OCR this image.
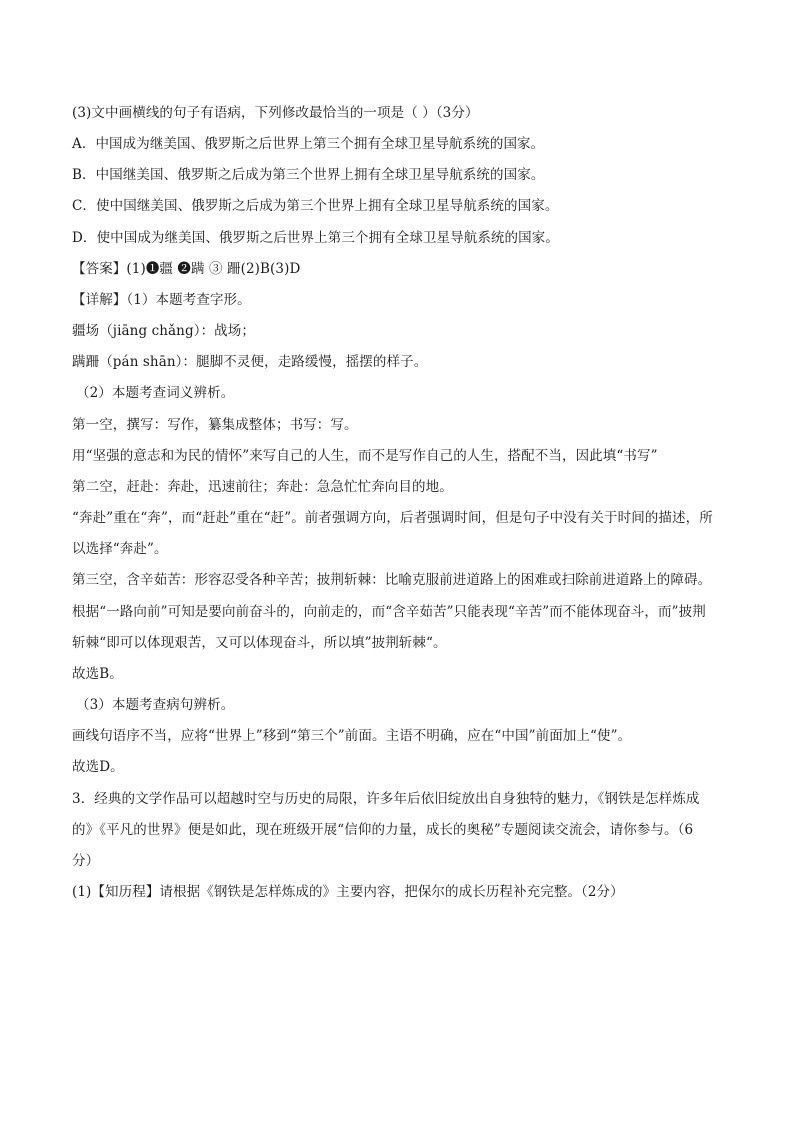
(3)文中画横线的句子有语病，下列修改最恰当的一项是（ ）（3分）
A．中国成为继美国、俄罗斯之后世界上第三个拥有全球卫星导航系统的国家。
B．中国继美国、俄罗斯之后成为第三个世界上拥有全球卫星导航系统的国家。
C．使中国继美国、俄罗斯之后成为第三个世界上拥有全球卫星导航系统的国家。
D．使中国成为继美国、俄罗斯之后世界上第三个拥有全球卫星导航系统的国家。
【答案】(1)❶疆 ❷蹒 ③ 跚(2)B(3)D
【详解】（1）本题考查字形。
疆场（jiāng chǎng）：战场；
蹒跚（pán shān）：腿脚不灵便，走路缓慢，摇摆的样子。
（2）本题考查词义辨析。
第一空，撰写：写作，纂集成整体；书写：写。
用“坚强的意志和为民的情怀”来写自己的人生，而不是写作自己的人生，搭配不当，因此填“书写”
第二空，赶赴：奔赴，迅速前往；奔赴：急急忙忙奔向目的地。
“奔赴”重在“奔”，而“赶赴”重在“赶”。前者强调方向，后者强调时间，但是句子中没有关于时间的描述，所
以选择“奔赴”。
第三空，含辛茹苦：形容忍受各种辛苦；披荆斩棘：比喻克服前进道路上的困难或扫除前进道路上的障碍。
根据“一路向前”可知是要向前奋斗的，向前走的，而“含辛茹苦”只能表现“辛苦”而不能体现奋斗，而”披荆
斩棘“即可以体现艰苦，又可以体现奋斗，所以填”披荆斩棘“。
故选B。
（3）本题考查病句辨析。
画线句语序不当，应将“世界上”移到“第三个”前面。主语不明确，应在“中国”前面加上“使”。
故选D。
3．经典的文学作品可以超越时空与历史的局限，许多年后依旧绽放出自身独特的魅力，《钢铁是怎样炼成
的》《平凡的世界》便是如此，现在班级开展“信仰的力量，成长的奥秘”专题阅读交流会，请你参与。（6
分）
(1)【知历程】请根据《钢铁是怎样炼成的》主要内容，把保尔的成长历程补充完整。（2分）
